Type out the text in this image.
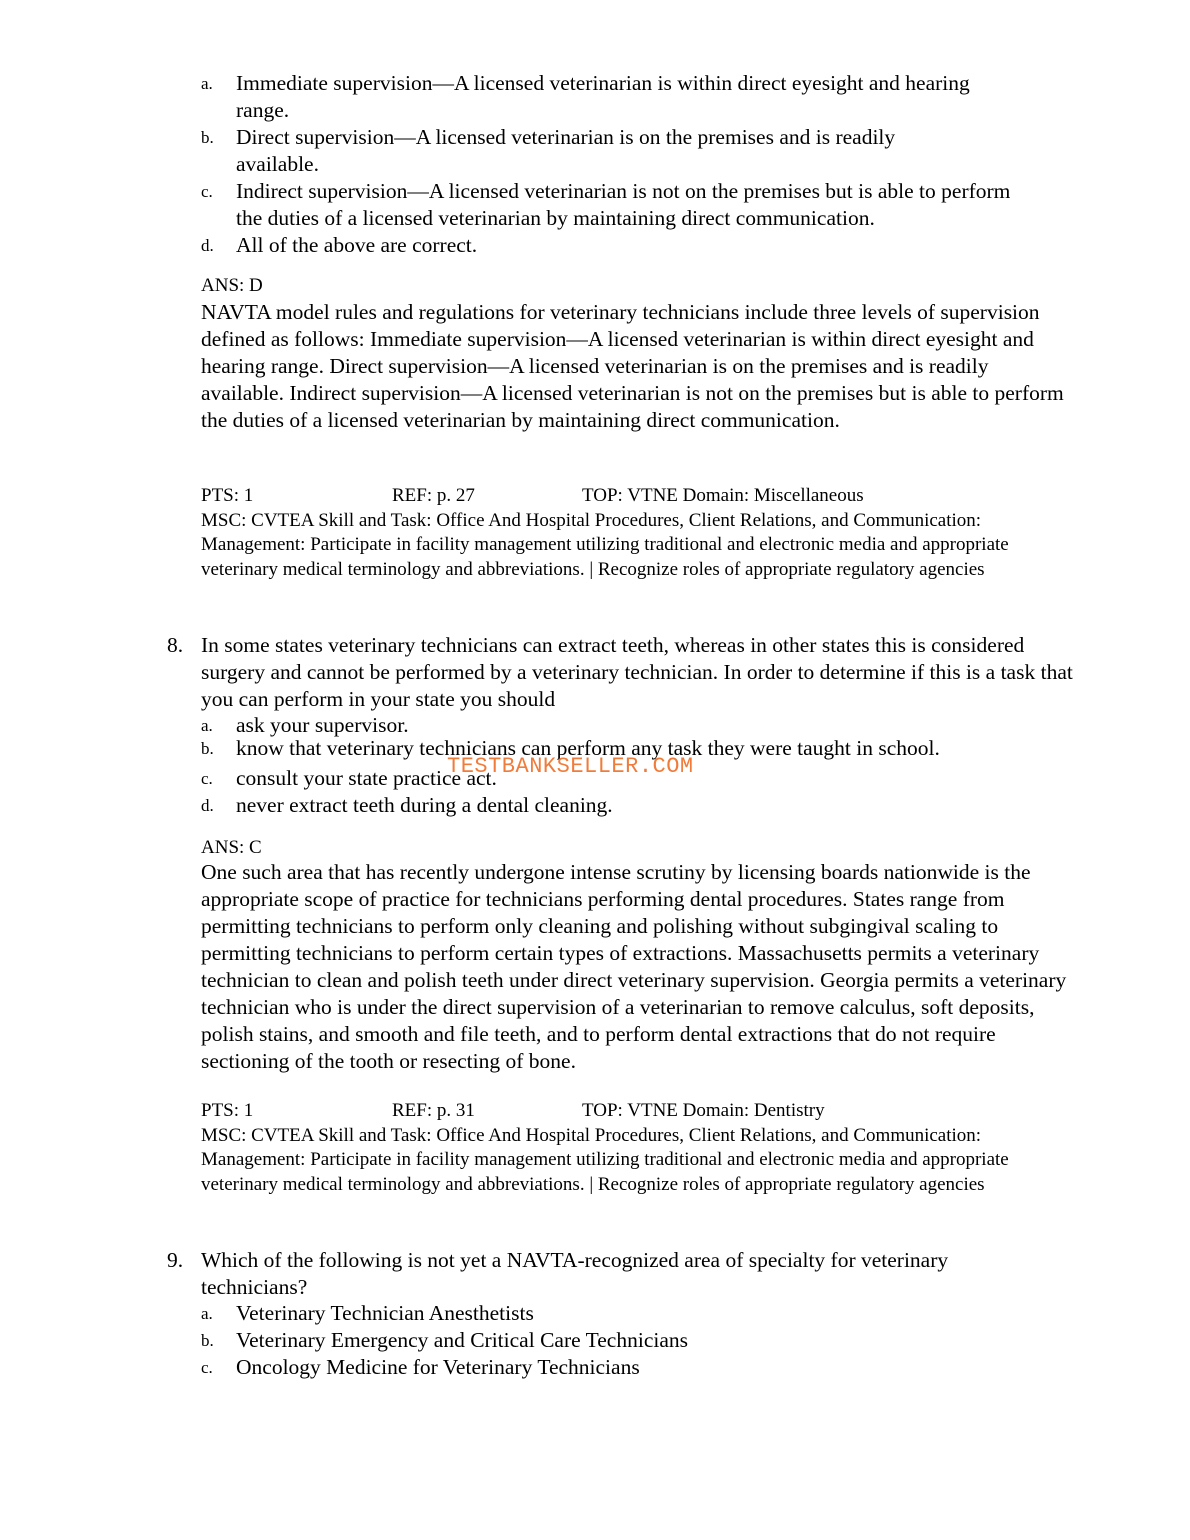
a. Immediate supervision—A licensed veterinarian is within direct eyesight and hearing range.
b. Direct supervision—A licensed veterinarian is on the premises and is readily available.
c. Indirect supervision—A licensed veterinarian is not on the premises but is able to perform the duties of a licensed veterinarian by maintaining direct communication.
d. All of the above are correct.
ANS: D
NAVTA model rules and regulations for veterinary technicians include three levels of supervision defined as follows: Immediate supervision—A licensed veterinarian is within direct eyesight and hearing range. Direct supervision—A licensed veterinarian is on the premises and is readily available. Indirect supervision—A licensed veterinarian is not on the premises but is able to perform the duties of a licensed veterinarian by maintaining direct communication.
PTS: 1	REF: p. 27	TOP: VTNE Domain: Miscellaneous
MSC: CVTEA Skill and Task: Office And Hospital Procedures, Client Relations, and Communication: Management: Participate in facility management utilizing traditional and electronic media and appropriate veterinary medical terminology and abbreviations. | Recognize roles of appropriate regulatory agencies
8. In some states veterinary technicians can extract teeth, whereas in other states this is considered surgery and cannot be performed by a veterinary technician. In order to determine if this is a task that you can perform in your state you should
a. ask your supervisor.
b. know that veterinary technicians can perform any task they were taught in school.
c. consult your state practice act.
d. never extract teeth during a dental cleaning.
TESTBANKSELLER.COM
ANS: C
One such area that has recently undergone intense scrutiny by licensing boards nationwide is the appropriate scope of practice for technicians performing dental procedures. States range from permitting technicians to perform only cleaning and polishing without subgingival scaling to permitting technicians to perform certain types of extractions. Massachusetts permits a veterinary technician to clean and polish teeth under direct veterinary supervision. Georgia permits a veterinary technician who is under the direct supervision of a veterinarian to remove calculus, soft deposits, polish stains, and smooth and file teeth, and to perform dental extractions that do not require sectioning of the tooth or resecting of bone.
PTS: 1	REF: p. 31	TOP: VTNE Domain: Dentistry
MSC: CVTEA Skill and Task: Office And Hospital Procedures, Client Relations, and Communication: Management: Participate in facility management utilizing traditional and electronic media and appropriate veterinary medical terminology and abbreviations. | Recognize roles of appropriate regulatory agencies
9. Which of the following is not yet a NAVTA-recognized area of specialty for veterinary technicians?
a. Veterinary Technician Anesthetists
b. Veterinary Emergency and Critical Care Technicians
c. Oncology Medicine for Veterinary Technicians
